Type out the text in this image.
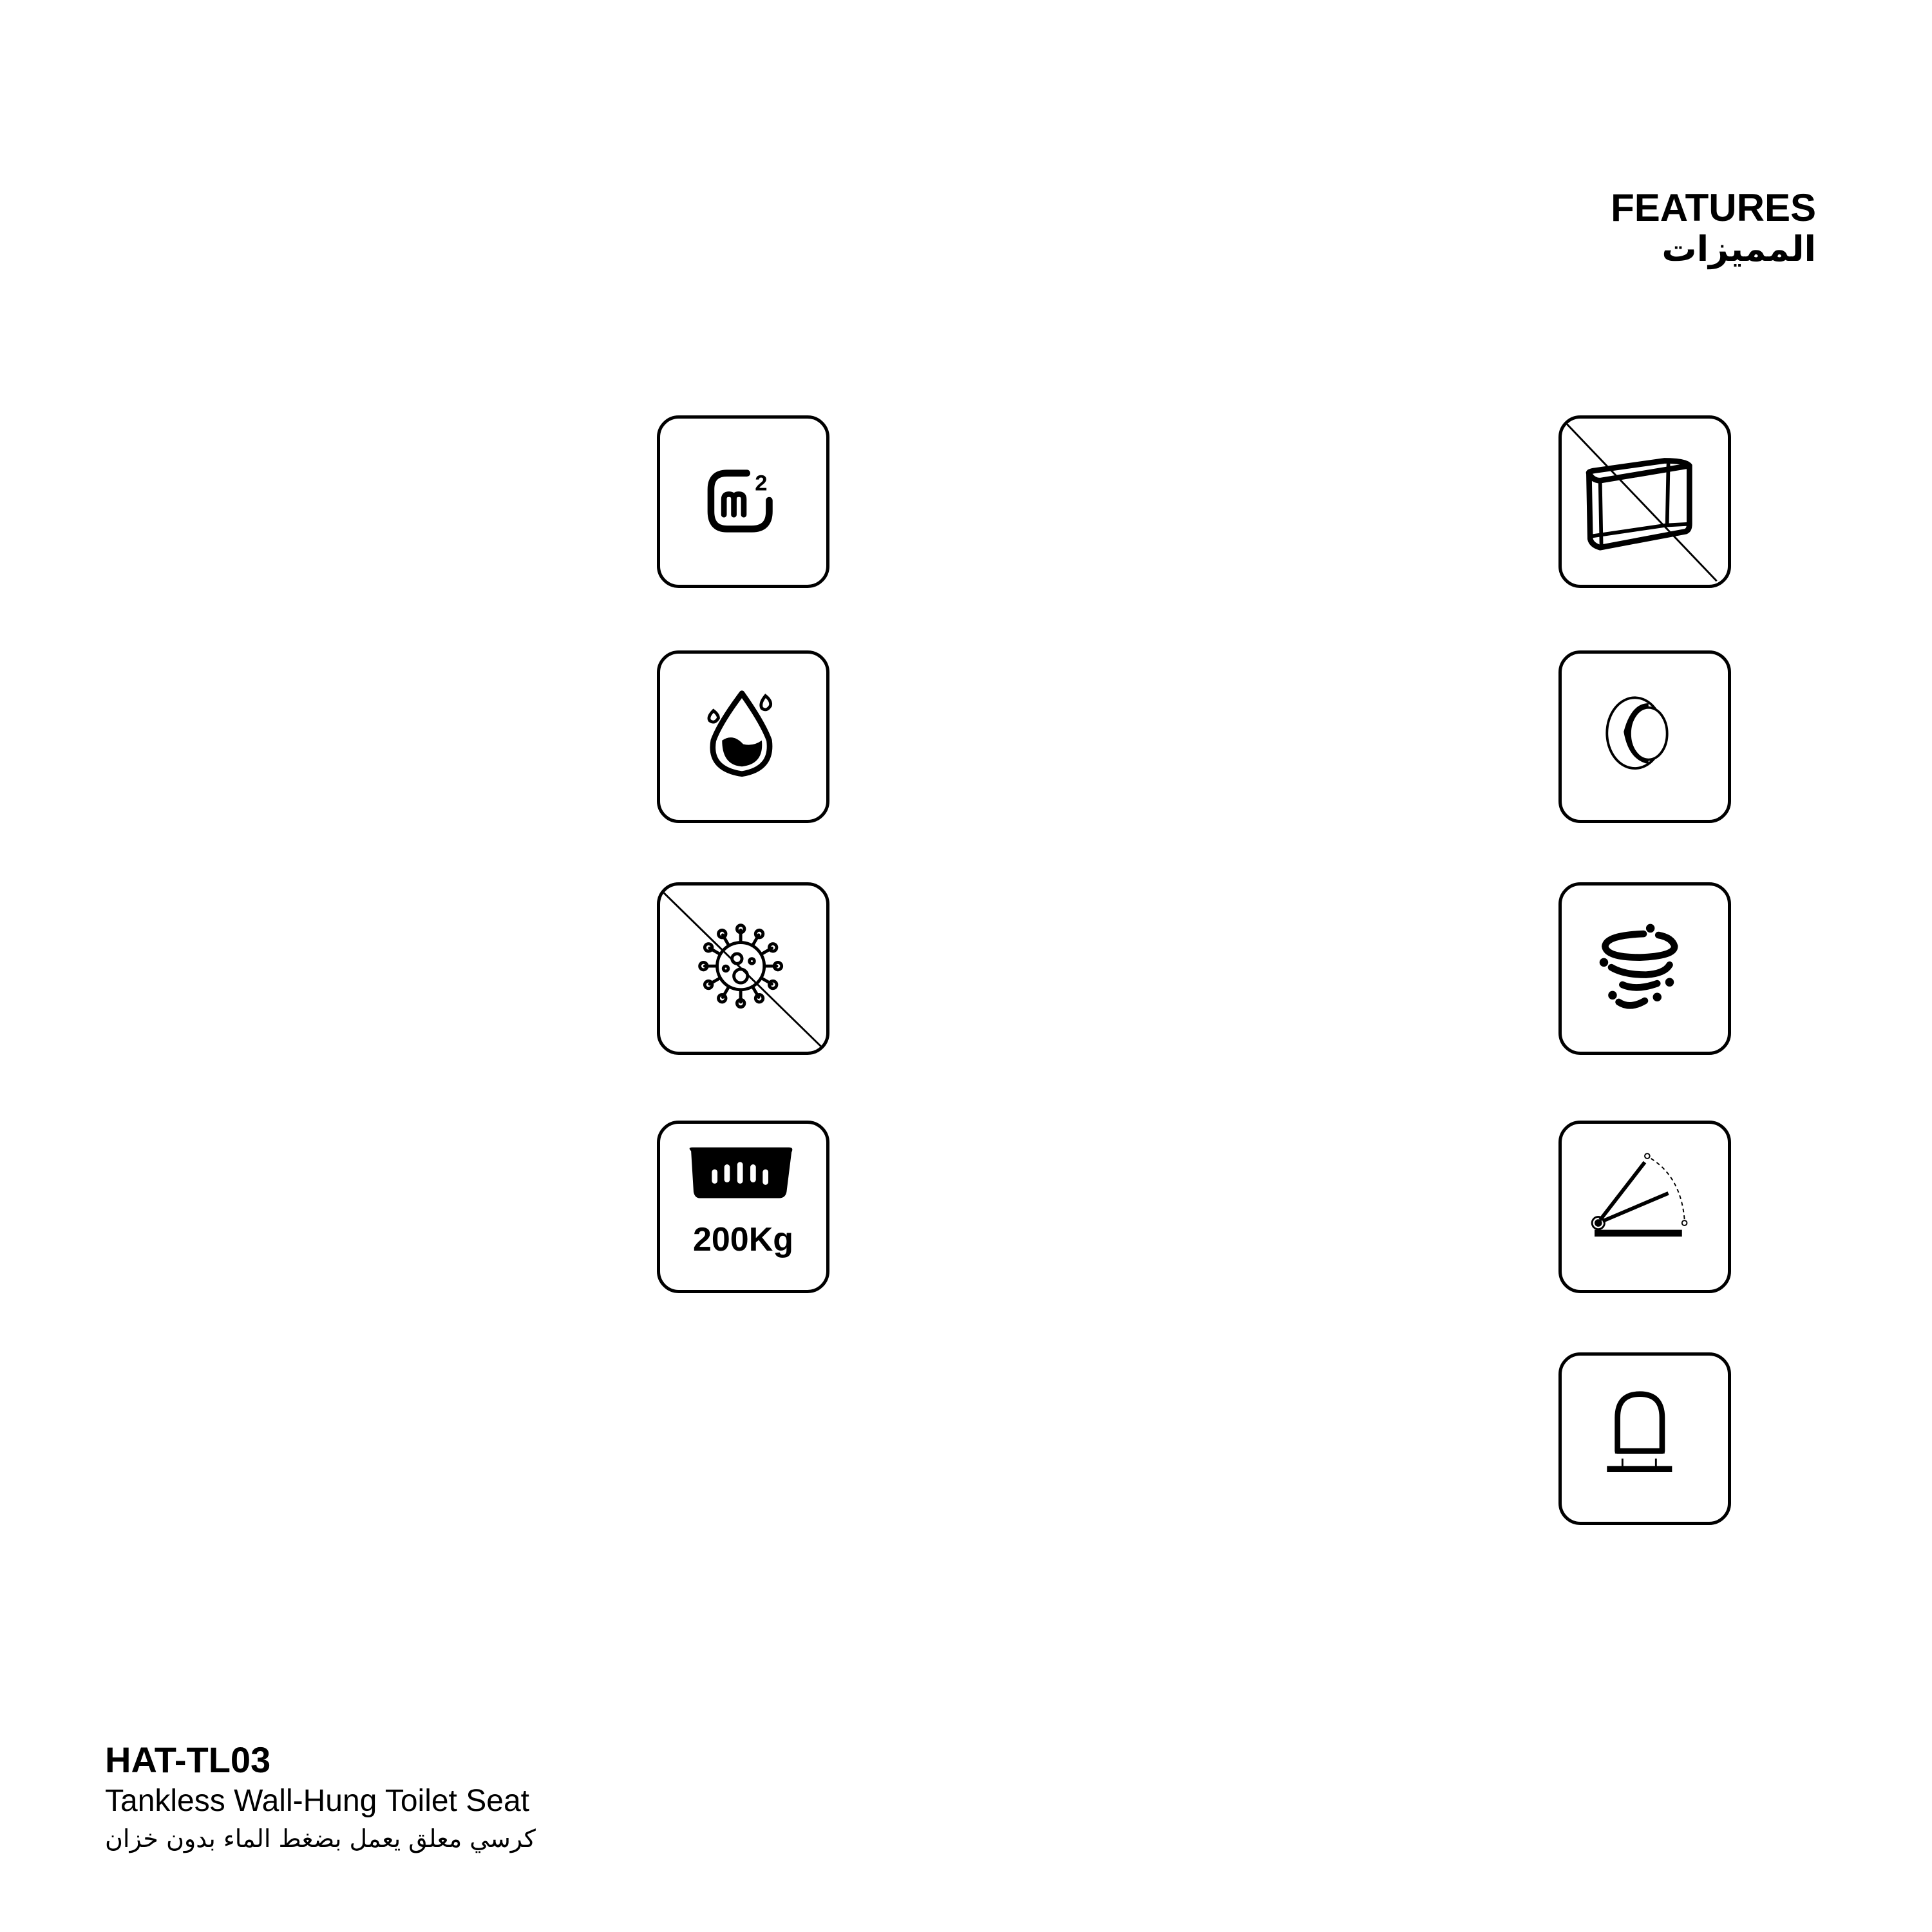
FEATURES
المميزات
2
200Kg
HAT-TL03
Tankless Wall-Hung Toilet Seat
كرسي معلق يعمل بضغط الماء بدون خزان
